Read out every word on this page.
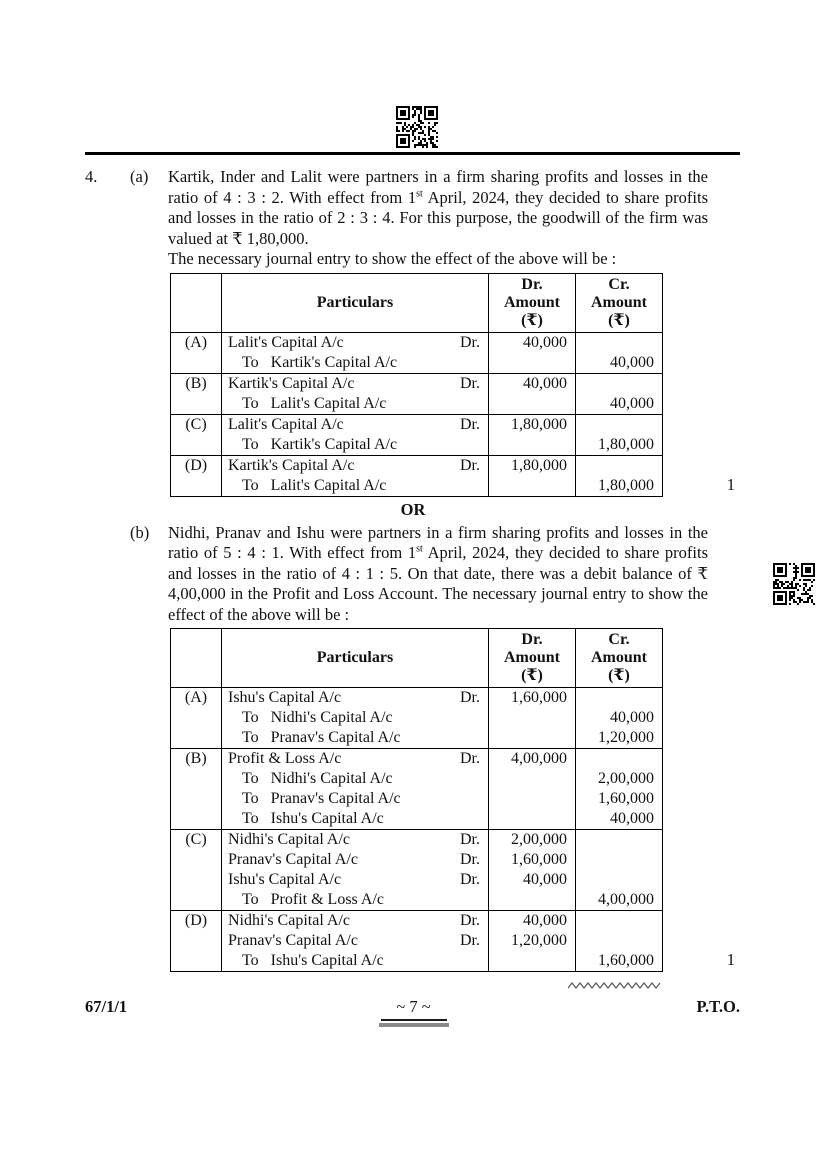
4.	(a)	Kartik, Inder and Lalit were partners in a firm sharing profits and losses in the ratio of 4 : 3 : 2. With effect from 1st April, 2024, they decided to share profits and losses in the ratio of 2 : 3 : 4. For this purpose, the goodwill of the firm was valued at ₹ 1,80,000.

The necessary journal entry to show the effect of the above will be :

	Particulars	
Dr.
Amount
(₹)

Cr.
Amount
(₹)

(A)	Lalit's Capital A/c Dr.	40,000	

	To   Kartik's Capital A/c		40,000
(B)	Kartik's Capital A/c Dr.	40,000	

	To   Lalit's Capital A/c		40,000
(C)	Lalit's Capital A/c Dr.	1,80,000	

	To   Kartik's Capital A/c		1,80,000
(D)	Kartik's Capital A/c Dr.	1,80,000	

	To   Lalit's Capital A/c		1,80,000	1
OR
(b)	Nidhi, Pranav and Ishu were partners in a firm sharing profits and losses in the ratio of 5 : 4 : 1. With effect from 1st April, 2024, they decided to share profits and losses in the ratio of 4 : 1 : 5. On that date, there was a debit balance of ₹ 4,00,000 in the Profit and Loss Account. The necessary journal entry to show the effect of the above will be :

	Particulars	
Dr.
Amount
(₹)

Cr.
Amount
(₹)

(A)	Ishu's Capital A/c Dr.	1,60,000	

	To   Nidhi's Capital A/c		40,000

	To   Pranav's Capital A/c		1,20,000
(B)	Profit & Loss A/c Dr.	4,00,000	

	To   Nidhi's Capital A/c		2,00,000

	To   Pranav's Capital A/c		1,60,000

	To   Ishu's Capital A/c		40,000
(C)	Nidhi's Capital A/c Dr.	2,00,000	

	Pranav's Capital A/c Dr.	1,60,000	

	Ishu's Capital A/c Dr.	40,000	

	To   Profit & Loss A/c		4,00,000
(D)	Nidhi's Capital A/c Dr.	40,000	

	Pranav's Capital A/c Dr.	1,20,000	

	To   Ishu's Capital A/c		1,60,000	1
67/1/1	~ 7 ~	P.T.O.
